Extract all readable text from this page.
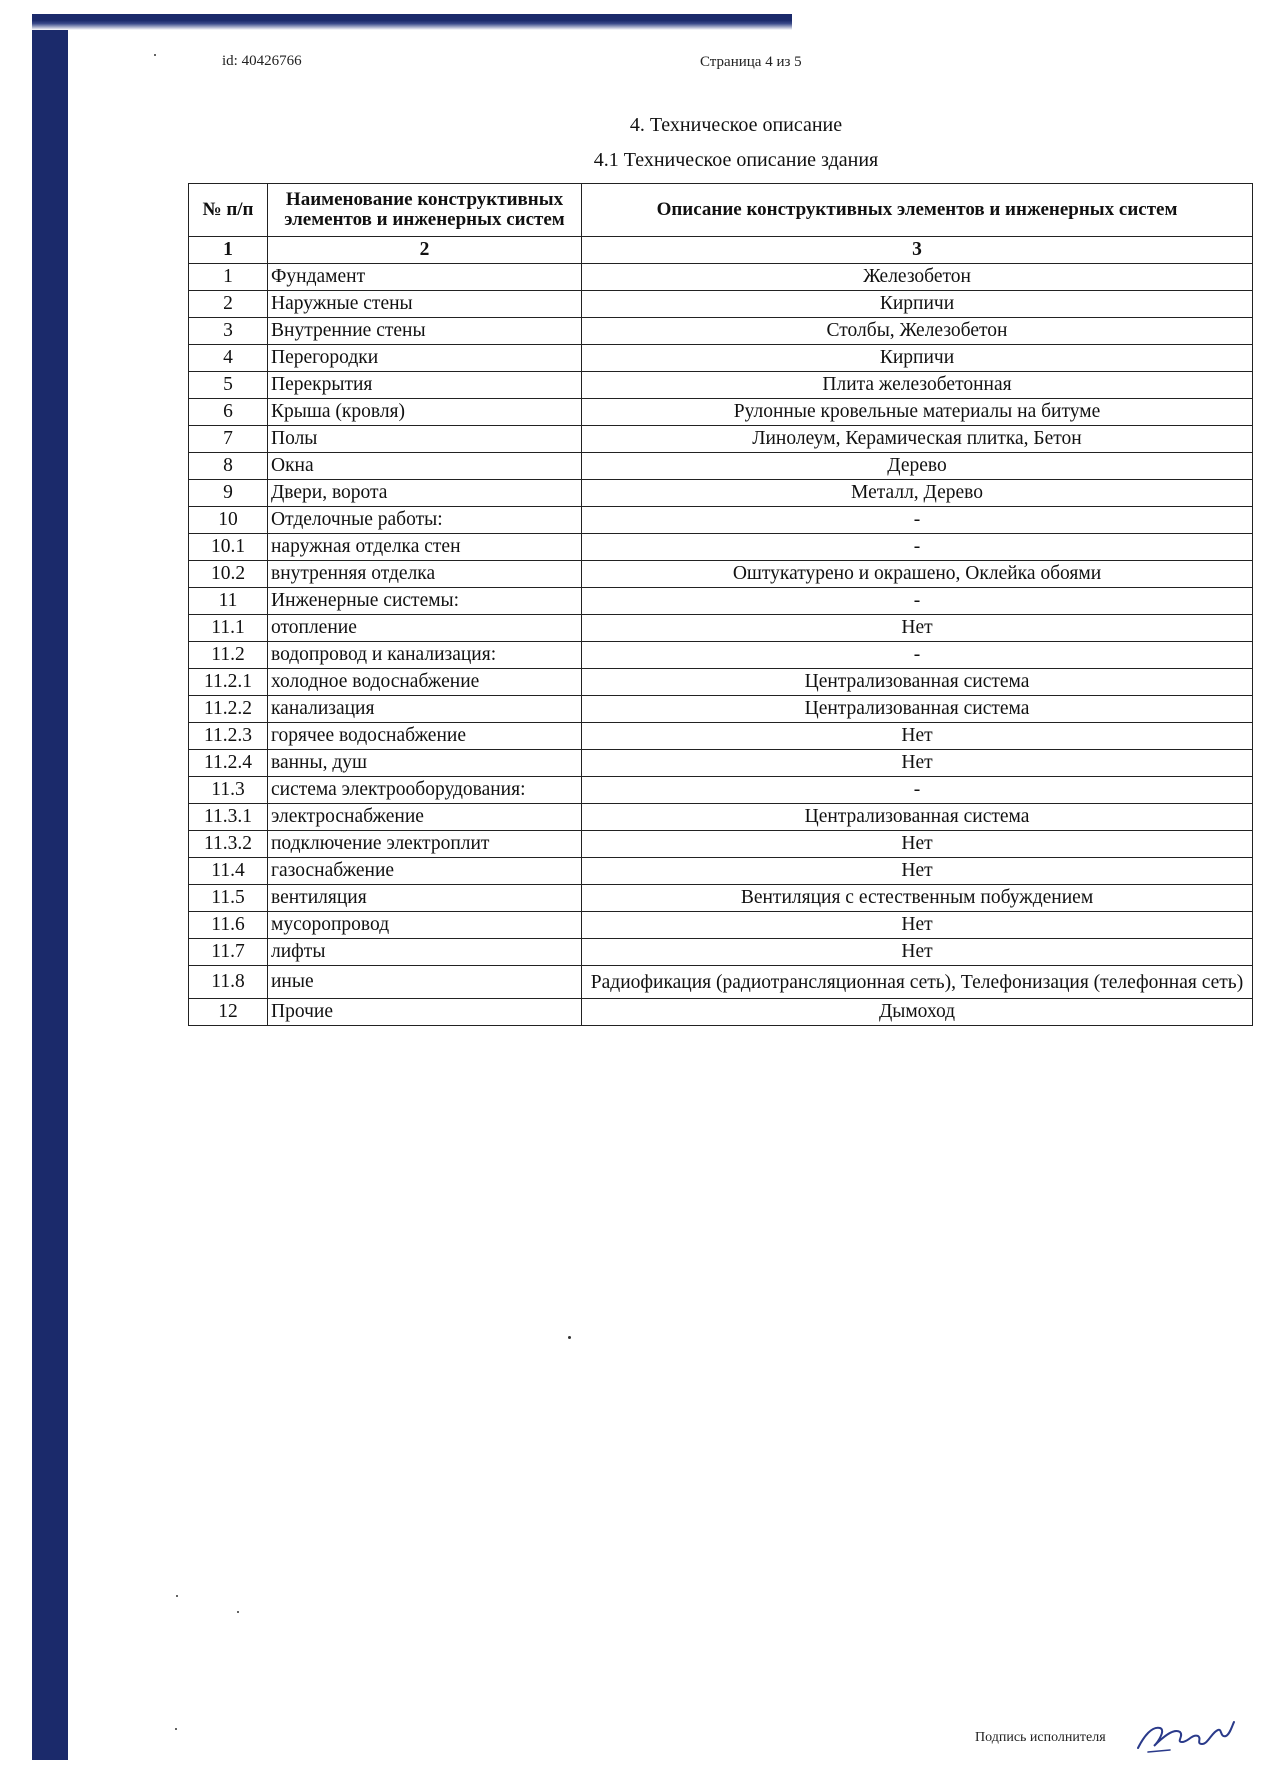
id: 40426766	Страница 4 из 5
4. Техническое описание
4.1 Техническое описание здания
№ п/п	Наименование конструктивных элементов и инженерных систем	Описание конструктивных элементов и инженерных систем
1	2	3
1	Фундамент	Железобетон
2	Наружные стены	Кирпичи
3	Внутренние стены	Столбы, Железобетон
4	Перегородки	Кирпичи
5	Перекрытия	Плита железобетонная
6	Крыша (кровля)	Рулонные кровельные материалы на битуме
7	Полы	Линолеум, Керамическая плитка, Бетон
8	Окна	Дерево
9	Двери, ворота	Металл, Дерево
10	Отделочные работы:	-
10.1	наружная отделка стен	-
10.2	внутренняя отделка	Оштукатурено и окрашено, Оклейка обоями
11	Инженерные системы:	-
11.1	отопление	Нет
11.2	водопровод и канализация:	-
11.2.1	холодное водоснабжение	Централизованная система
11.2.2	канализация	Централизованная система
11.2.3	горячее водоснабжение	Нет
11.2.4	ванны, душ	Нет
11.3	система электрооборудования:	-
11.3.1	электроснабжение	Централизованная система
11.3.2	подключение электроплит	Нет
11.4	газоснабжение	Нет
11.5	вентиляция	Вентиляция с естественным побуждением
11.6	мусоропровод	Нет
11.7	лифты	Нет
11.8	иные	Радиофикация (радиотрансляционная сеть), Телефонизация (телефонная сеть)
12	Прочие	Дымоход
Подпись исполнителя
